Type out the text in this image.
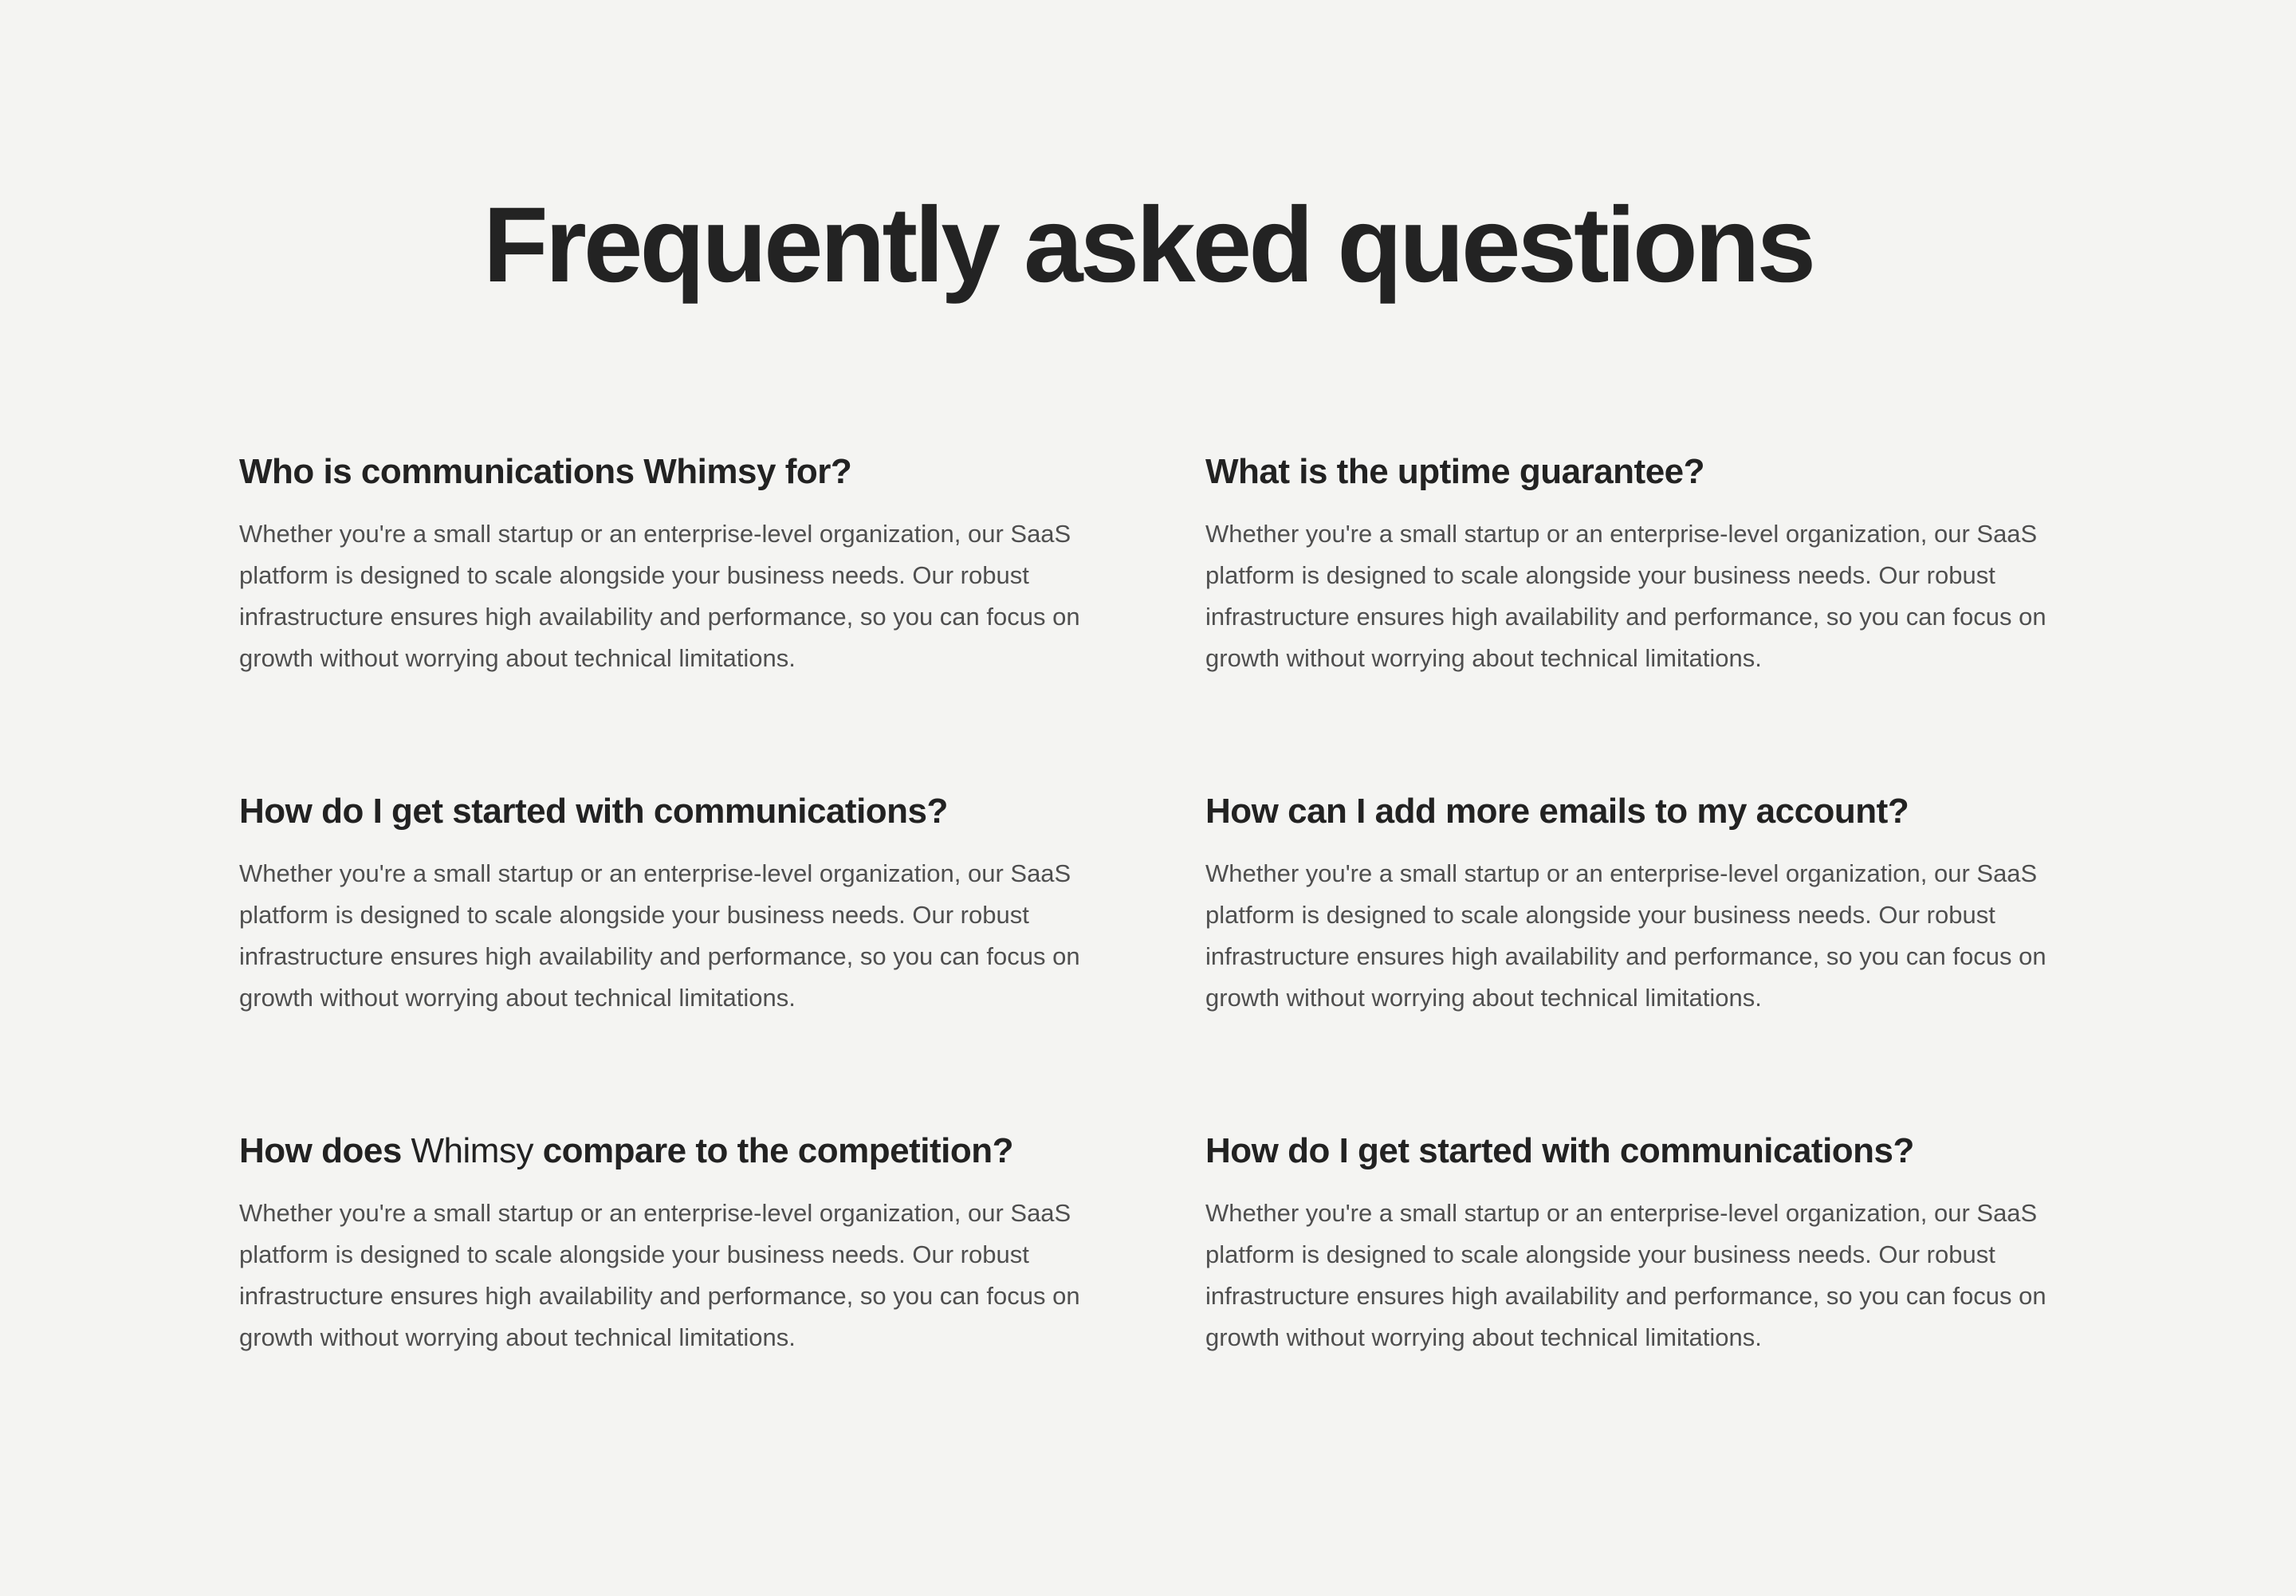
Frequently asked questions
Who is communications Whimsy for?

Whether you're a small startup or an enterprise-level organization, our SaaS platform is designed to scale alongside your business needs. Our robust infrastructure ensures high availability and performance, so you can focus on growth without worrying about technical limitations.

What is the uptime guarantee?

Whether you're a small startup or an enterprise-level organization, our SaaS platform is designed to scale alongside your business needs. Our robust infrastructure ensures high availability and performance, so you can focus on growth without worrying about technical limitations.

How do I get started with communications?

Whether you're a small startup or an enterprise-level organization, our SaaS platform is designed to scale alongside your business needs. Our robust infrastructure ensures high availability and performance, so you can focus on growth without worrying about technical limitations.

How can I add more emails to my account?

Whether you're a small startup or an enterprise-level organization, our SaaS platform is designed to scale alongside your business needs. Our robust infrastructure ensures high availability and performance, so you can focus on growth without worrying about technical limitations.

How does Whimsy compare to the competition?

Whether you're a small startup or an enterprise-level organization, our SaaS platform is designed to scale alongside your business needs. Our robust infrastructure ensures high availability and performance, so you can focus on growth without worrying about technical limitations.

How do I get started with communications?

Whether you're a small startup or an enterprise-level organization, our SaaS platform is designed to scale alongside your business needs. Our robust infrastructure ensures high availability and performance, so you can focus on growth without worrying about technical limitations.
